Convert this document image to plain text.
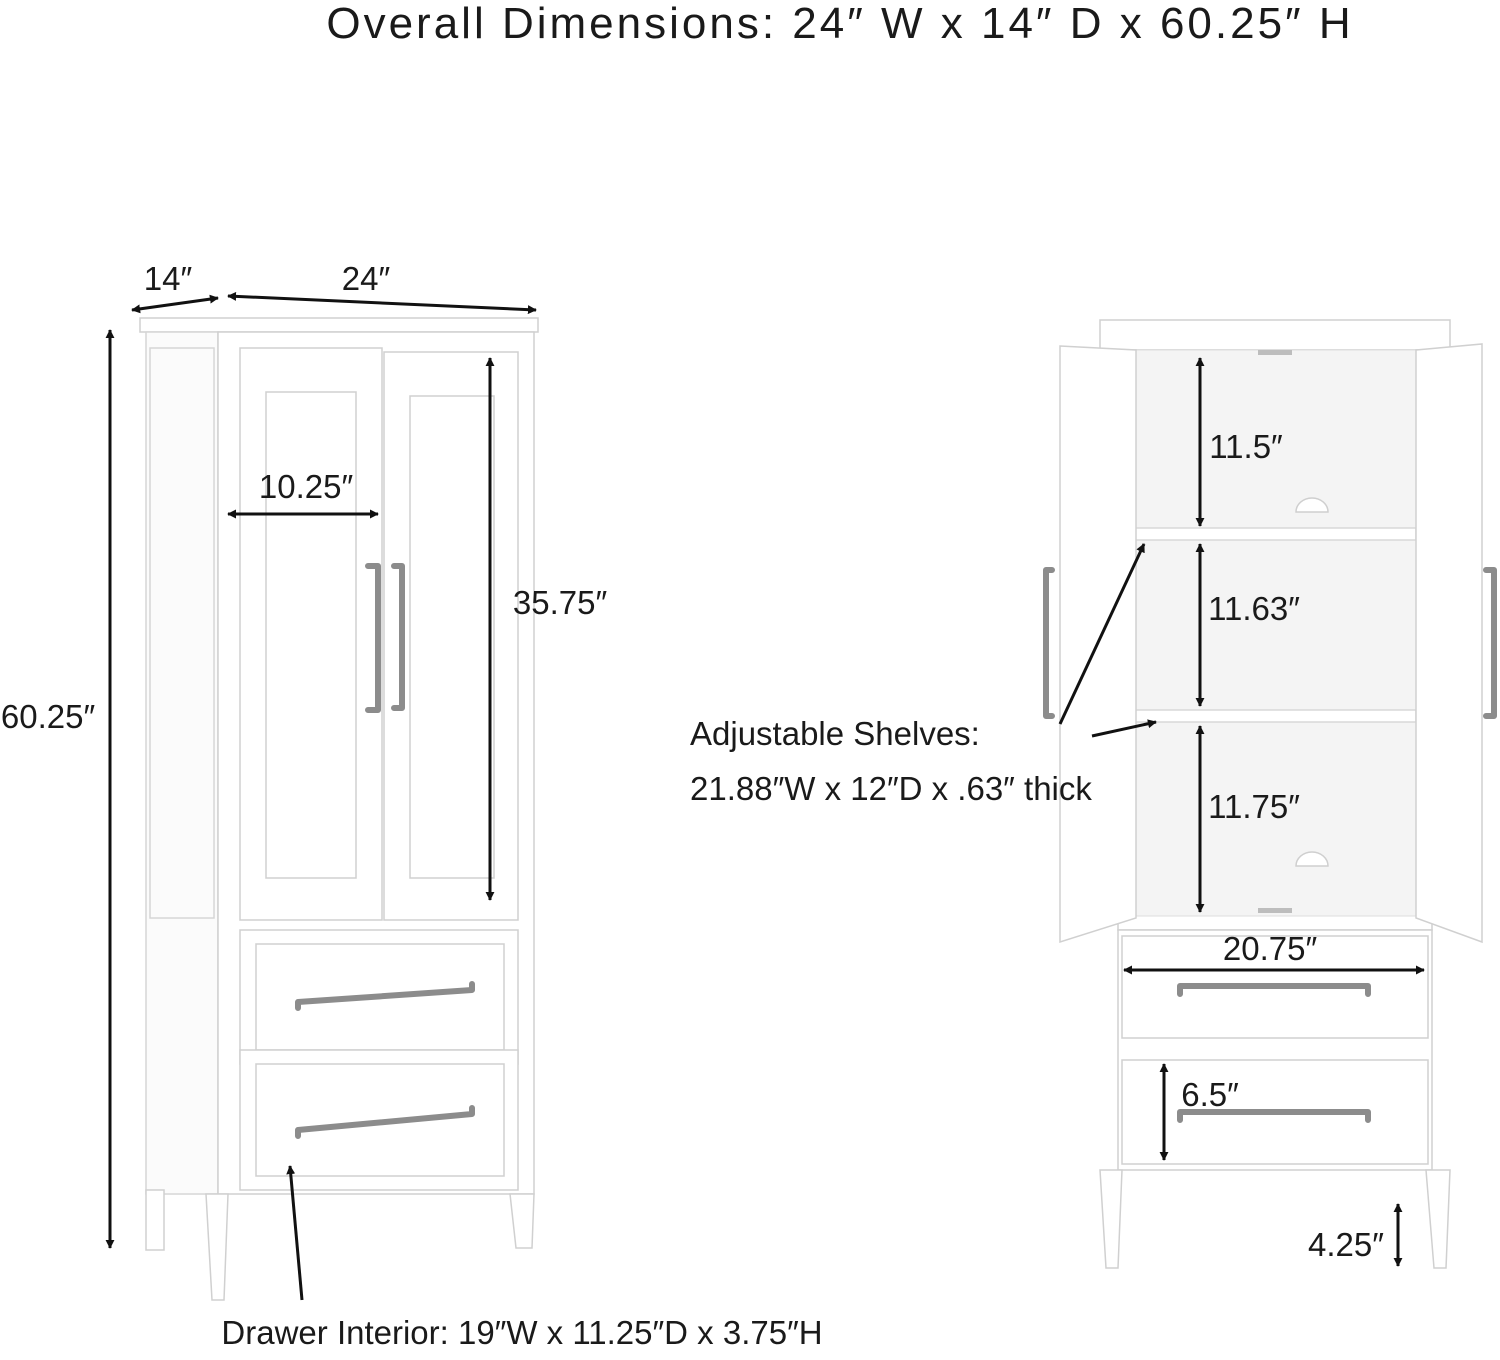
Overall Dimensions: 24″ W x 14″ D x 60.25″ H
14″	24″
60.25″
10.25″
35.75″
Drawer Interior: 19″W x 11.25″D x 3.75″H
11.5″
11.63″
11.75″
20.75″
6.5″
4.25″
Adjustable Shelves:
21.88″W x 12″D x .63″ thick
